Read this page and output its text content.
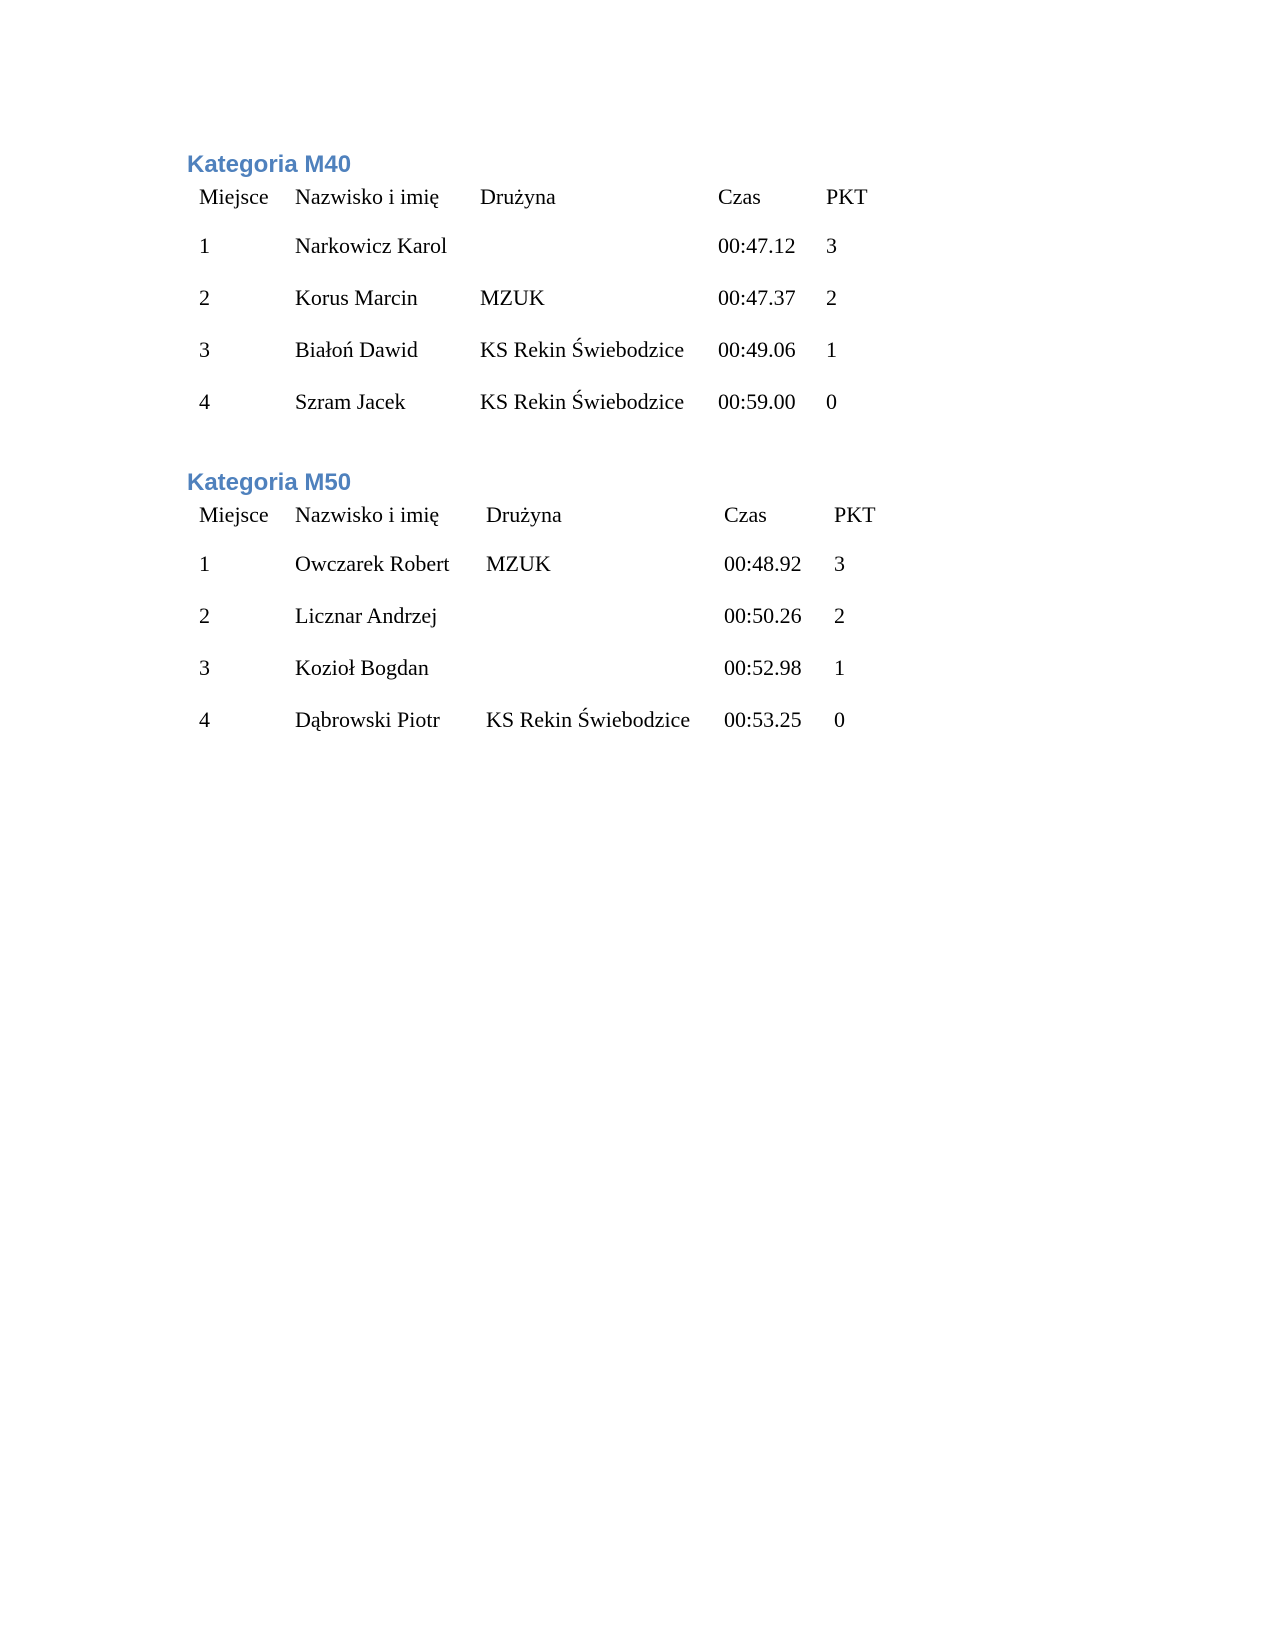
Kategoria M40
Miejsce	Nazwisko i imię	Drużyna	Czas	PKT
1	Narkowicz Karol		00:47.12	3
2	Korus Marcin	MZUK	00:47.37	2
3	Białoń Dawid	KS Rekin Świebodzice	00:49.06	1
4	Szram Jacek	KS Rekin Świebodzice	00:59.00	0
Kategoria M50
Miejsce	Nazwisko i imię	Drużyna	Czas	PKT
1	Owczarek Robert	MZUK	00:48.92	3
2	Licznar Andrzej		00:50.26	2
3	Kozioł Bogdan		00:52.98	1
4	Dąbrowski Piotr	KS Rekin Świebodzice	00:53.25	0
